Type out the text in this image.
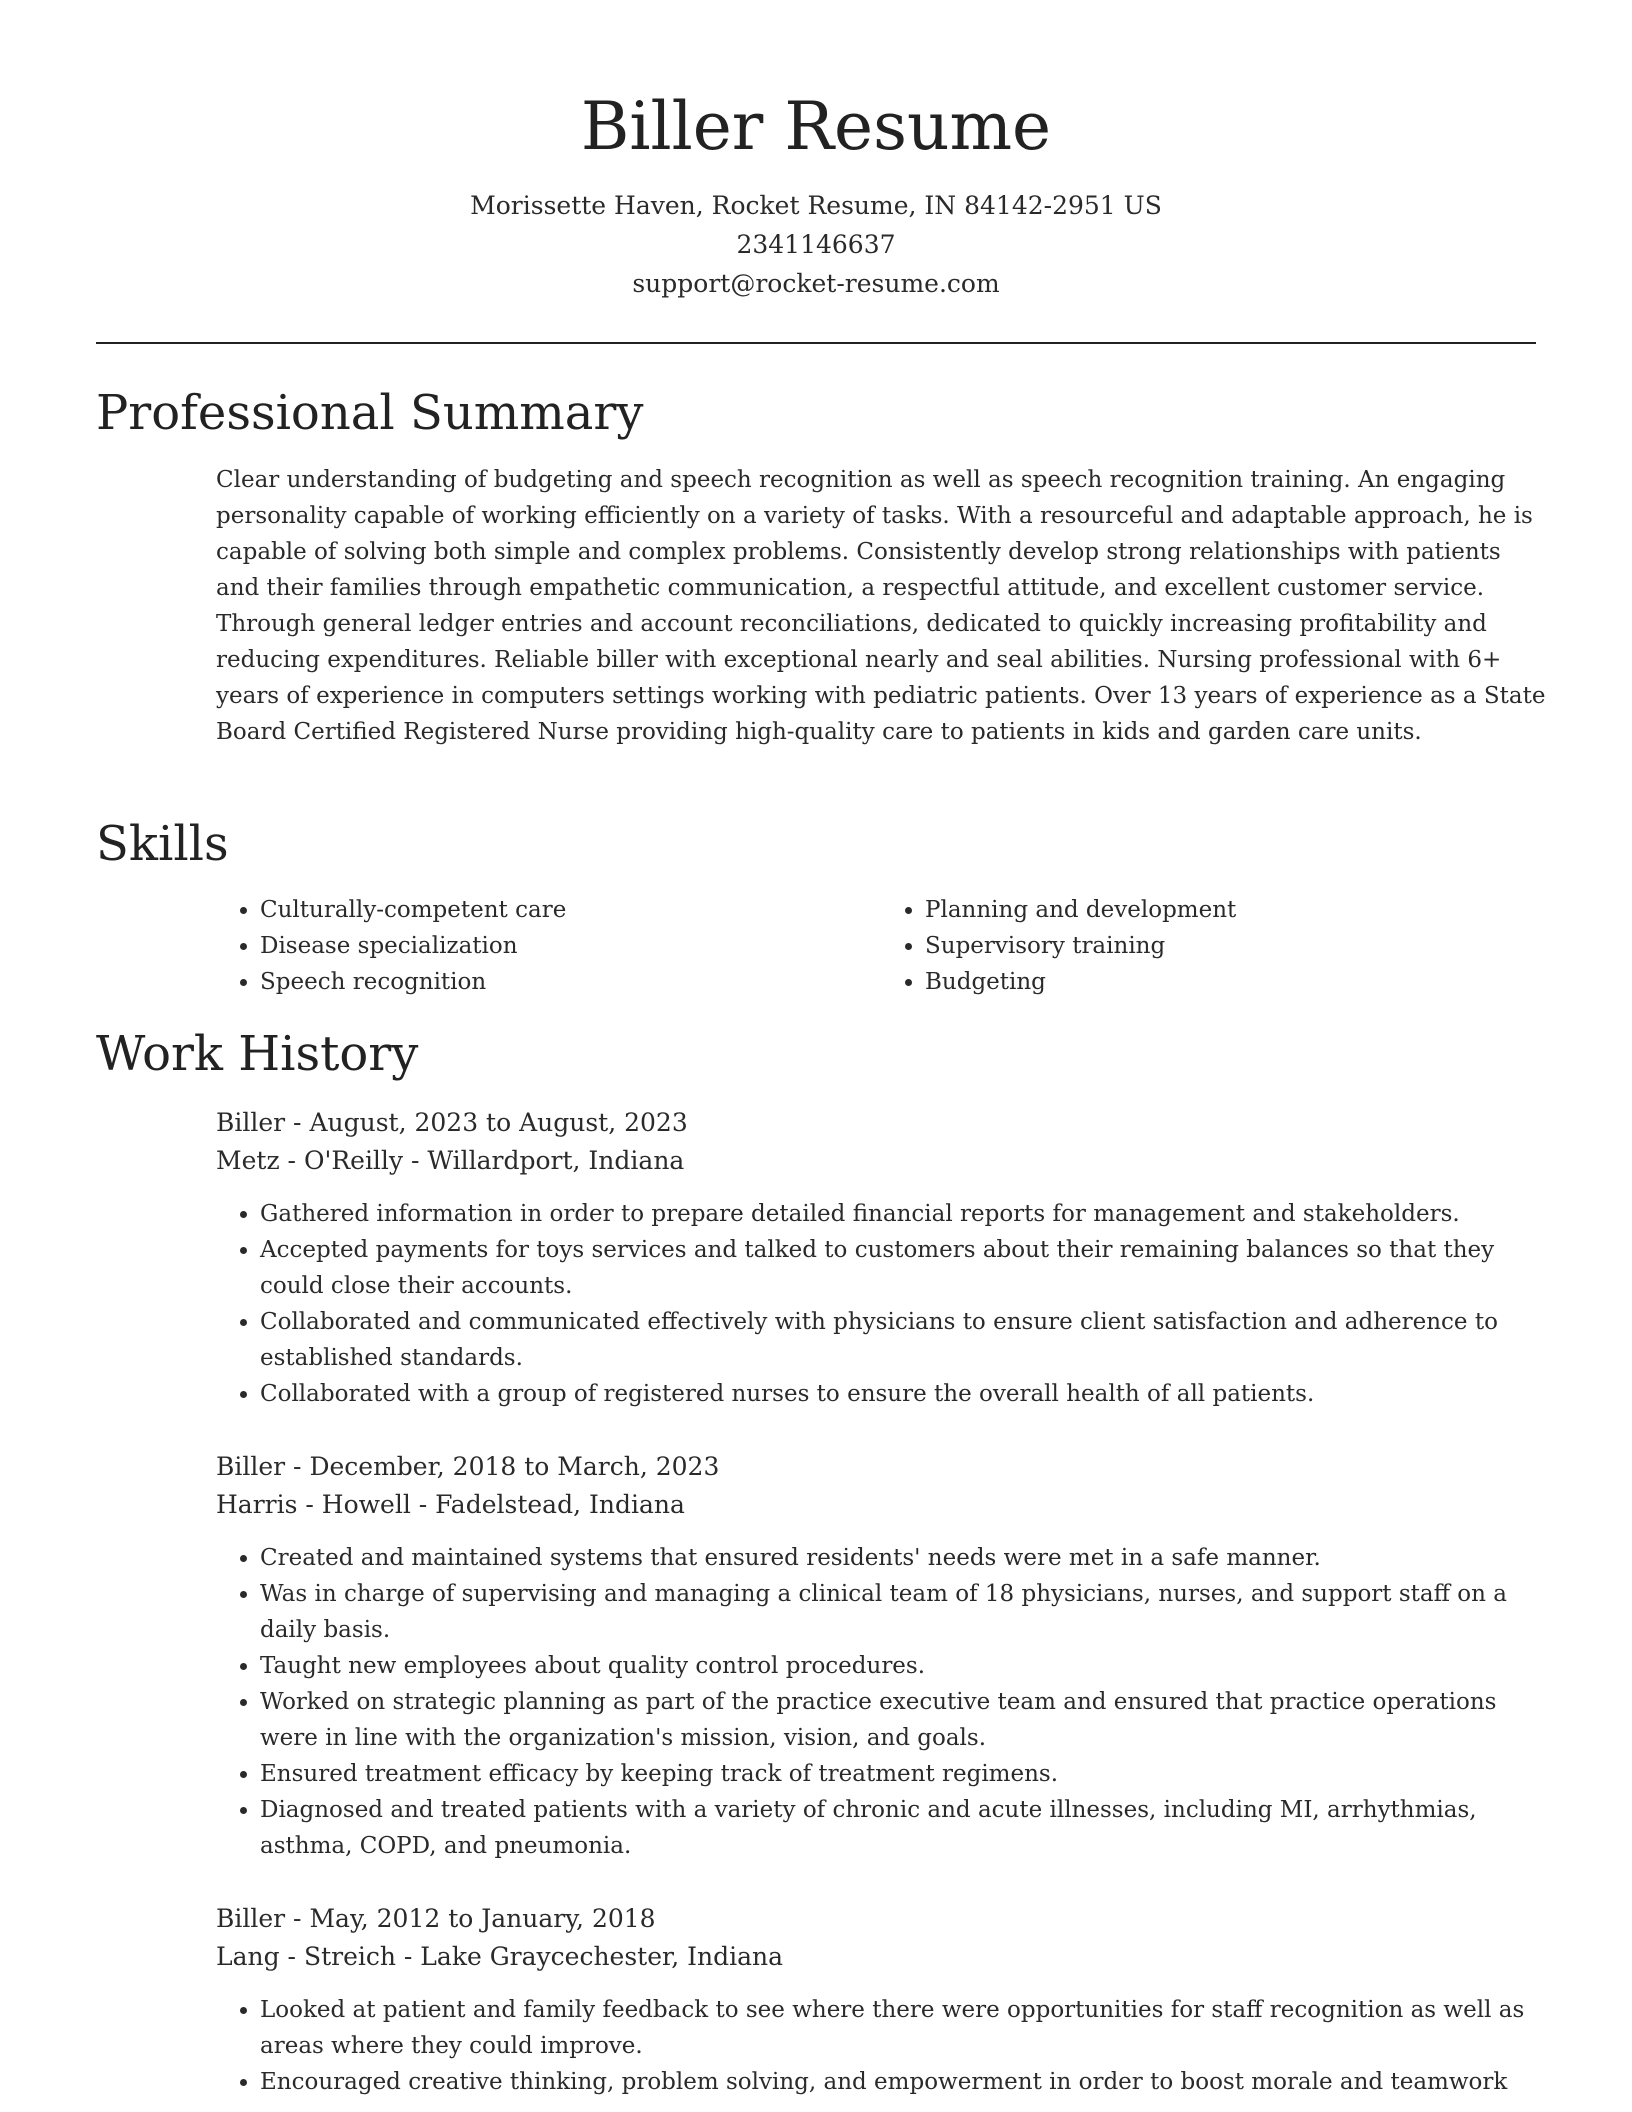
Biller Resume
Morissette Haven, Rocket Resume, IN 84142-2951 US
2341146637
support@rocket-resume.com
Professional Summary

Clear understanding of budgeting and speech recognition as well as speech recognition training. An engaging personality capable of working efficiently on a variety of tasks. With a resourceful and adaptable approach, he is capable of solving both simple and complex problems. Consistently develop strong relationships with patients and their families through empathetic communication, a respectful attitude, and excellent customer service. Through general ledger entries and account reconciliations, dedicated to quickly increasing profitability and reducing expenditures. Reliable biller with exceptional nearly and seal abilities. Nursing professional with 6+ years of experience in computers settings working with pediatric patients. Over 13 years of experience as a State Board Certified Registered Nurse providing high-quality care to patients in kids and garden care units.

Skills
• Culturally-competent care
• Disease specialization
• Speech recognition
• Planning and development
• Supervisory training
• Budgeting
Work History
Biller - August, 2023 to August, 2023
Metz - O'Reilly - Willardport, Indiana
• Gathered information in order to prepare detailed financial reports for management and stakeholders.
• Accepted payments for toys services and talked to customers about their remaining balances so that they could close their accounts.
• Collaborated and communicated effectively with physicians to ensure client satisfaction and adherence to established standards.
• Collaborated with a group of registered nurses to ensure the overall health of all patients.
Biller - December, 2018 to March, 2023
Harris - Howell - Fadelstead, Indiana
• Created and maintained systems that ensured residents' needs were met in a safe manner.
• Was in charge of supervising and managing a clinical team of 18 physicians, nurses, and support staff on a daily basis.
• Taught new employees about quality control procedures.
• Worked on strategic planning as part of the practice executive team and ensured that practice operations were in line with the organization's mission, vision, and goals.
• Ensured treatment efficacy by keeping track of treatment regimens.
• Diagnosed and treated patients with a variety of chronic and acute illnesses, including MI, arrhythmias, asthma, COPD, and pneumonia.
Biller - May, 2012 to January, 2018
Lang - Streich - Lake Graycechester, Indiana
• Looked at patient and family feedback to see where there were opportunities for staff recognition as well as areas where they could improve.
• Encouraged creative thinking, problem solving, and empowerment in order to boost morale and teamwork
